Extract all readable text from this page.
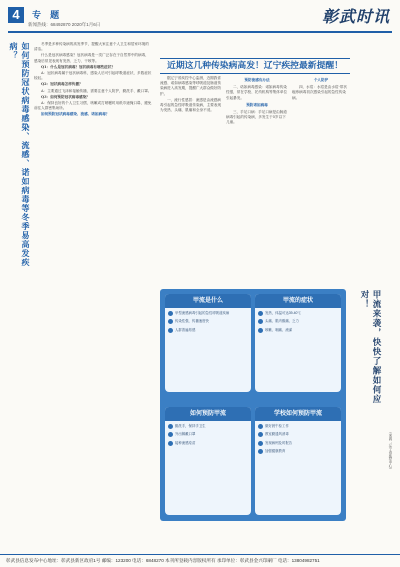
4	专 题
新闻热线：68492870 2020年1月6日	彰武时讯
如何预防冠状病毒感染、流感、诺如病毒等冬季易高发疾病？	冬季是多种传染病的高发季节，提醒大家注意个人卫生和居家环境的清洁。

什么是冠状病毒感染？冠状病毒是一类广泛存在于自然界中的病毒，感染后常见表现有发热、乏力、干咳等。

Q1：什么是冠状病毒？冠状病毒有哪些症状？

A：冠状病毒属于冠状病毒科，感染人后可引起呼吸道症状，多数症状较轻。

Q2：冠状病毒怎样传播？

A：主要通过飞沫和接触传播，需要注意个人防护，勤洗手、戴口罩。

Q3：如何预防冠状病毒感染？

A：保持良好的个人卫生习惯，咳嗽或打喷嚏时用纸巾遮掩口鼻，避免前往人群密集场所。

如何预防冠状病毒感染、流感、诺如病毒？

近期这几种传染病高发！辽宁疾控最新提醒！

据辽宁省疾控中心监测，近期我省流感、诺如病毒感染等呼吸道及肠道传染病进入高发期，提醒广大群众做好防护。

一、流行性感冒：流感是由流感病毒引起的急性呼吸道传染病，主要表现为发热、头痛、肌痛和全身不适。

预防流感有办法

二、诺如病毒感染：诺如病毒传染性强，常在学校、托幼机构等集体单位引起暴发。

预防诺如病毒

三、手足口病：手足口病是由肠道病毒引起的传染病，多发生于5岁以下儿童。

个人防护

四、水痘：水痘是由水痘-带状疱疹病毒初次感染引起的急性传染病。

甲流是什么
甲型流感病毒引起的急性呼吸道疾病
传染性强，传播速度快
人群普遍易感
甲流的症状
发热，体温可达39-40℃
头痛、肌肉酸痛、乏力
咳嗽、咽痛、流涕
如何预防甲流
勤洗手，保持手卫生
外出佩戴口罩
接种流感疫苗
学校如何预防甲流
做好晨午检工作
教室勤通风消毒
发现病例及时报告
加强健康教育
甲流来袭，快快了解如何应对！
（来源：辽宁省疾控中心）
彰武县信息发布中心地址：彰武县新区政府1号 邮编：123200 电话：6848270 本刊所登载内容版权所有 承印单位：彰武县金兴印刷厂 电话：13804982751
